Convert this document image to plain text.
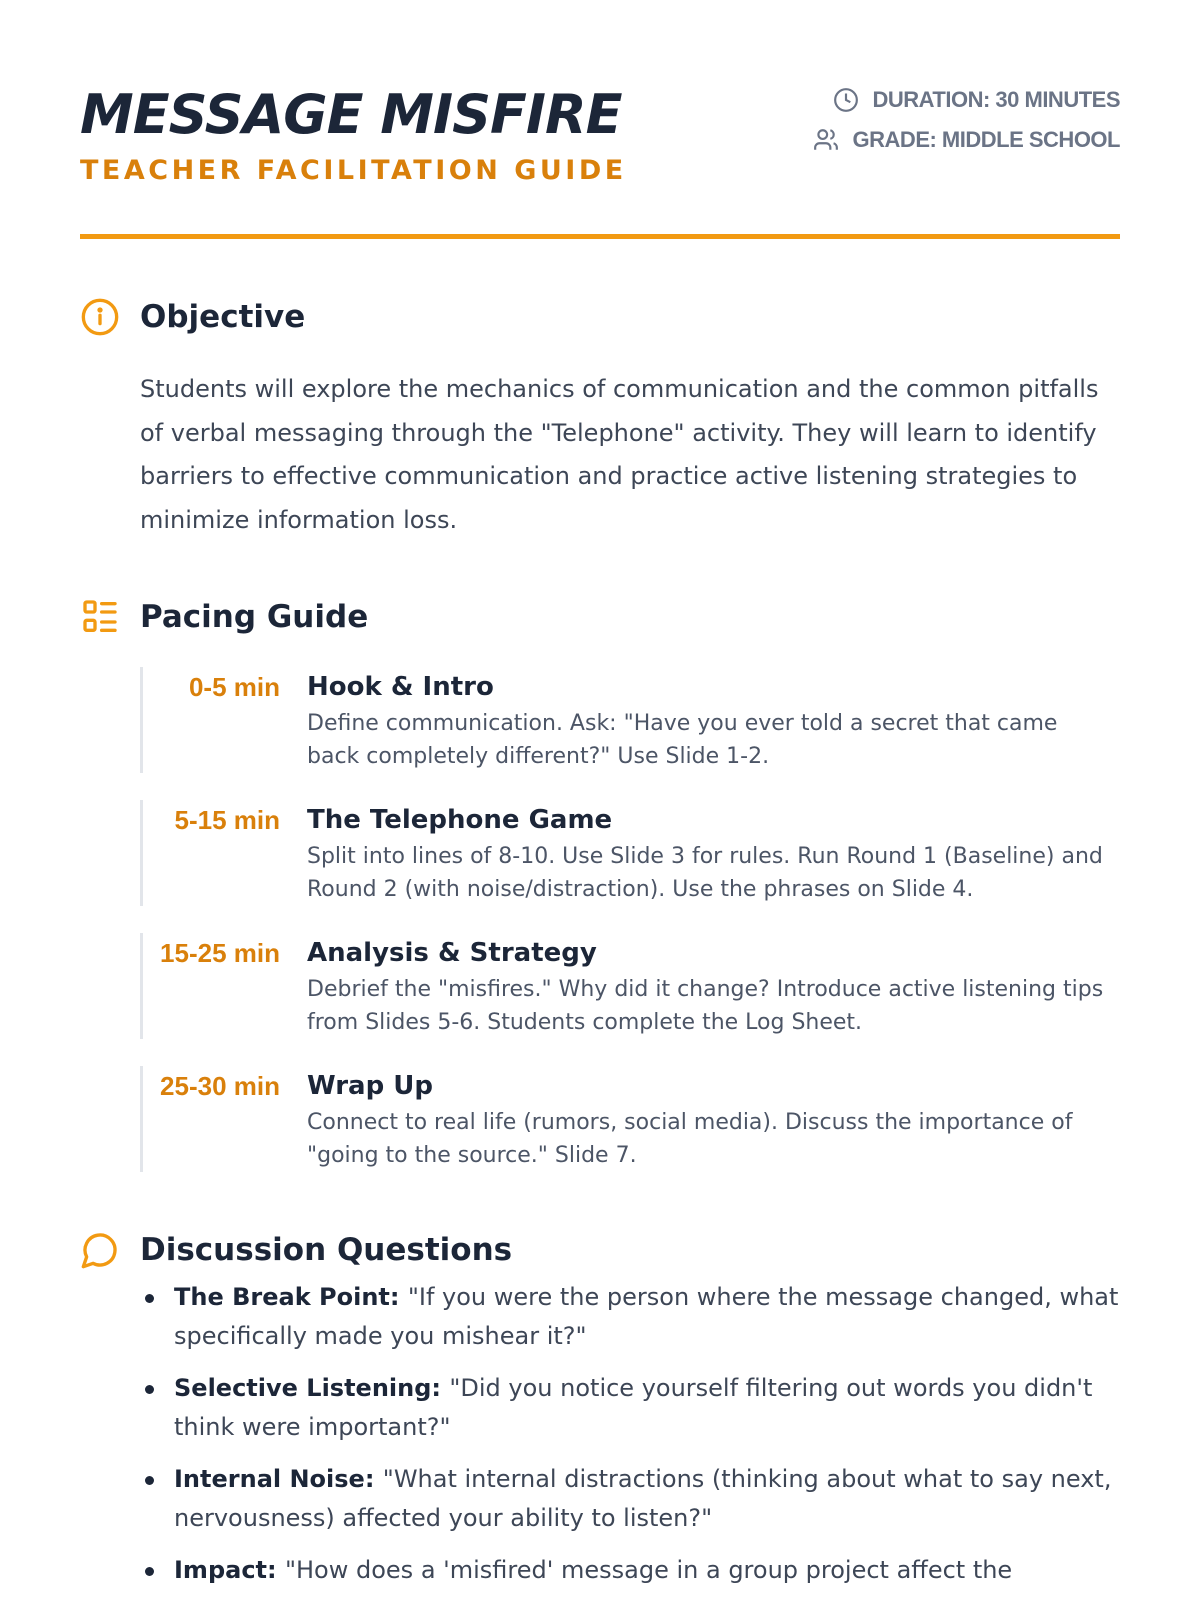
MESSAGE MISFIRE
TEACHER FACILITATION GUIDE
DURATION: 30 MINUTES
GRADE: MIDDLE SCHOOL
Objective

Students will explore the mechanics of communication and the common pitfalls of verbal messaging through the "Telephone" activity. They will learn to identify barriers to effective communication and practice active listening strategies to minimize information loss.

Pacing Guide
0-5 min Hook & Intro
Define communication. Ask: "Have you ever told a secret that came back completely different?" Use Slide 1-2.
5-15 min The Telephone Game
Split into lines of 8-10. Use Slide 3 for rules. Run Round 1 (Baseline) and Round 2 (with noise/distraction). Use the phrases on Slide 4.
15-25 min Analysis & Strategy
Debrief the "misfires." Why did it change? Introduce active listening tips from Slides 5-6. Students complete the Log Sheet.
25-30 min Wrap Up
Connect to real life (rumors, social media). Discuss the importance of "going to the source." Slide 7.
Discussion Questions
The Break Point: "If you were the person where the message changed, what specifically made you mishear it?"
Selective Listening: "Did you notice yourself filtering out words you didn't think were important?"
Internal Noise: "What internal distractions (thinking about what to say next, nervousness) affected your ability to listen?"
Impact: "How does a 'misfired' message in a group project affect the
